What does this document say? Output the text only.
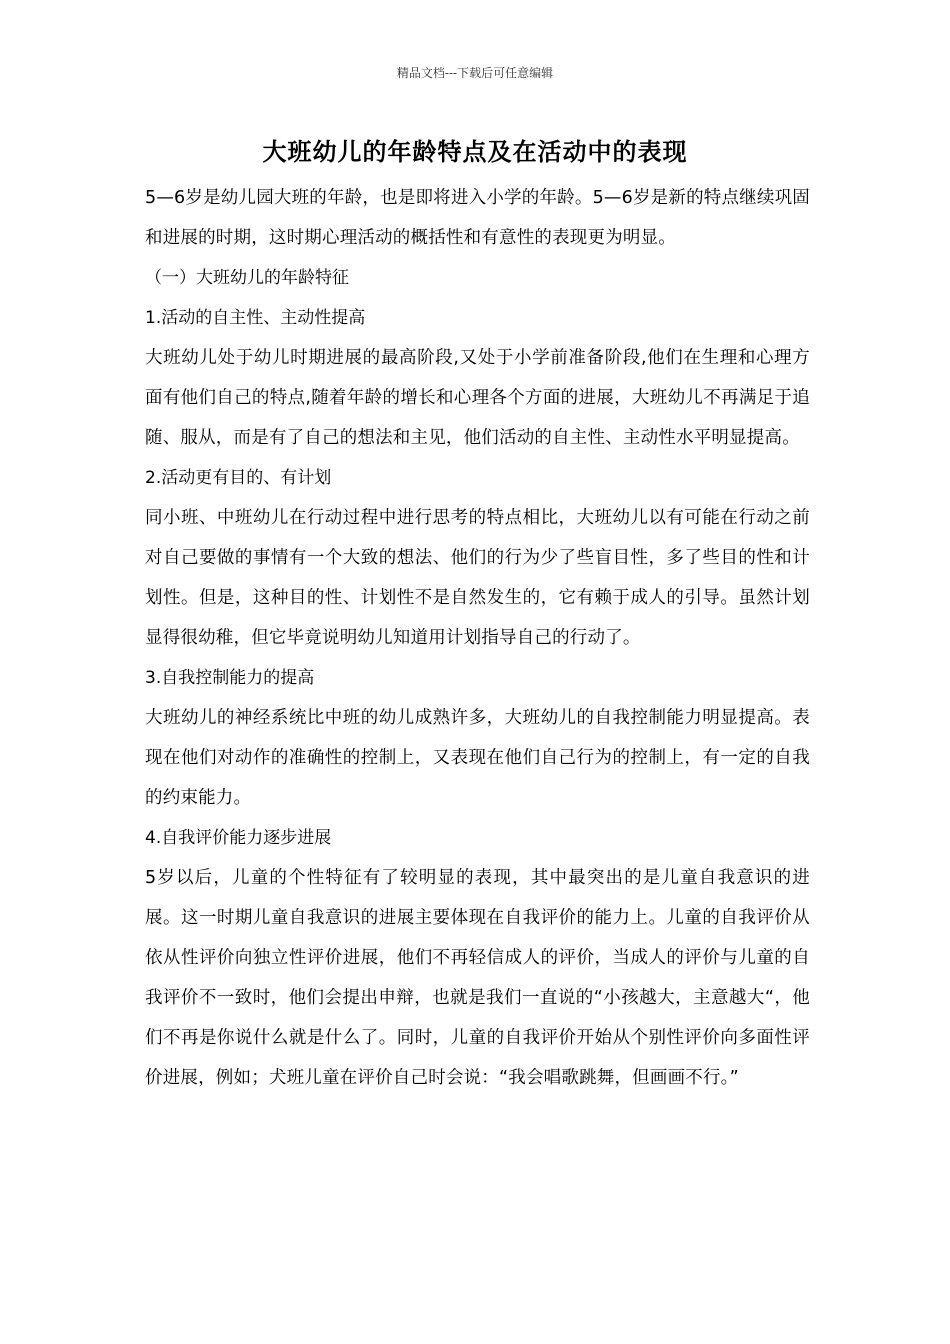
精品文档---下载后可任意编辑
大班幼儿的年龄特点及在活动中的表现

5—6岁是幼儿园大班的年龄，也是即将进入小学的年龄。5—6岁是新的特点继续巩固和进展的时期，这时期心理活动的概括性和有意性的表现更为明显。

（一）大班幼儿的年龄特征

1.活动的自主性、主动性提高

大班幼儿处于幼儿时期进展的最高阶段,又处于小学前准备阶段,他们在生理和心理方面有他们自己的特点,随着年龄的增长和心理各个方面的进展，大班幼儿不再满足于追随、服从，而是有了自己的想法和主见，他们活动的自主性、主动性水平明显提高。

2.活动更有目的、有计划

同小班、中班幼儿在行动过程中进行思考的特点相比，大班幼儿以有可能在行动之前对自己要做的事情有一个大致的想法、他们的行为少了些盲目性，多了些目的性和计划性。但是，这种目的性、计划性不是自然发生的，它有赖于成人的引导。虽然计划显得很幼稚，但它毕竟说明幼儿知道用计划指导自己的行动了。

3.自我控制能力的提高

大班幼儿的神经系统比中班的幼儿成熟许多，大班幼儿的自我控制能力明显提高。表现在他们对动作的准确性的控制上，又表现在他们自己行为的控制上，有一定的自我的约束能力。

4.自我评价能力逐步进展

5岁以后，儿童的个性特征有了较明显的表现，其中最突出的是儿童自我意识的进展。这一时期儿童自我意识的进展主要体现在自我评价的能力上。儿童的自我评价从依从性评价向独立性评价进展，他们不再轻信成人的评价，当成人的评价与儿童的自我评价不一致时，他们会提出申辩，也就是我们一直说的“小孩越大，主意越大“，他们不再是你说什么就是什么了。同时，儿童的自我评价开始从个别性评价向多面性评价进展，例如；犬班儿童在评价自己时会说：“我会唱歌跳舞，但画画不行。”
